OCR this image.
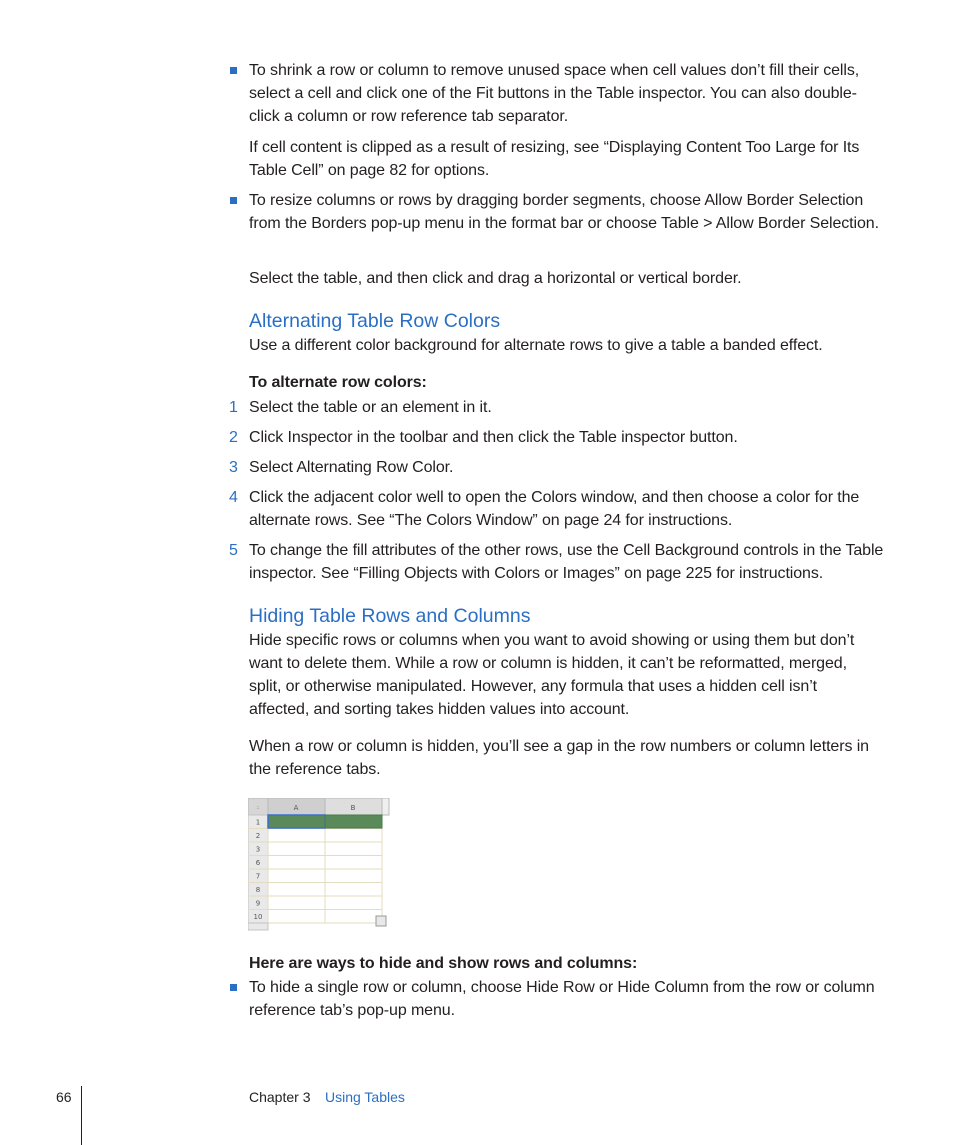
To shrink a row or column to remove unused space when cell values don’t fill their cells, select a cell and click one of the Fit buttons in the Table inspector. You can also double-click a column or row reference tab separator.

If cell content is clipped as a result of resizing, see “Displaying Content Too Large for Its Table Cell” on page 82 for options.

To resize columns or rows by dragging border segments, choose Allow Border Selection from the Borders pop-up menu in the format bar or choose Table > Allow Border Selection.

Select the table, and then click and drag a horizontal or vertical border.

Alternating Table Row Colors

Use a different color background for alternate rows to give a table a banded effect.

To alternate row colors:
1 Select the table or an element in it.

2 Click Inspector in the toolbar and then click the Table inspector button.

3 Select Alternating Row Color.

4 Click the adjacent color well to open the Colors window, and then choose a color for the alternate rows. See “The Colors Window” on page 24 for instructions.

5 To change the fill attributes of the other rows, use the Cell Background controls in the Table inspector. See “Filling Objects with Colors or Images” on page 225 for instructions.

Hiding Table Rows and Columns

Hide specific rows or columns when you want to avoid showing or using them but don’t want to delete them. While a row or column is hidden, it can’t be reformatted, merged, split, or otherwise manipulated. However, any formula that uses a hidden cell isn’t affected, and sorting takes hidden values into account.

When a row or column is hidden, you’ll see a gap in the row numbers or column letters in the reference tabs.

::	A	B
1
2
3
6
7
8
9
10
Here are ways to hide and show rows and columns:

To hide a single row or column, choose Hide Row or Hide Column from the row or column reference tab’s pop-up menu.

66	Chapter 3 Using Tables
